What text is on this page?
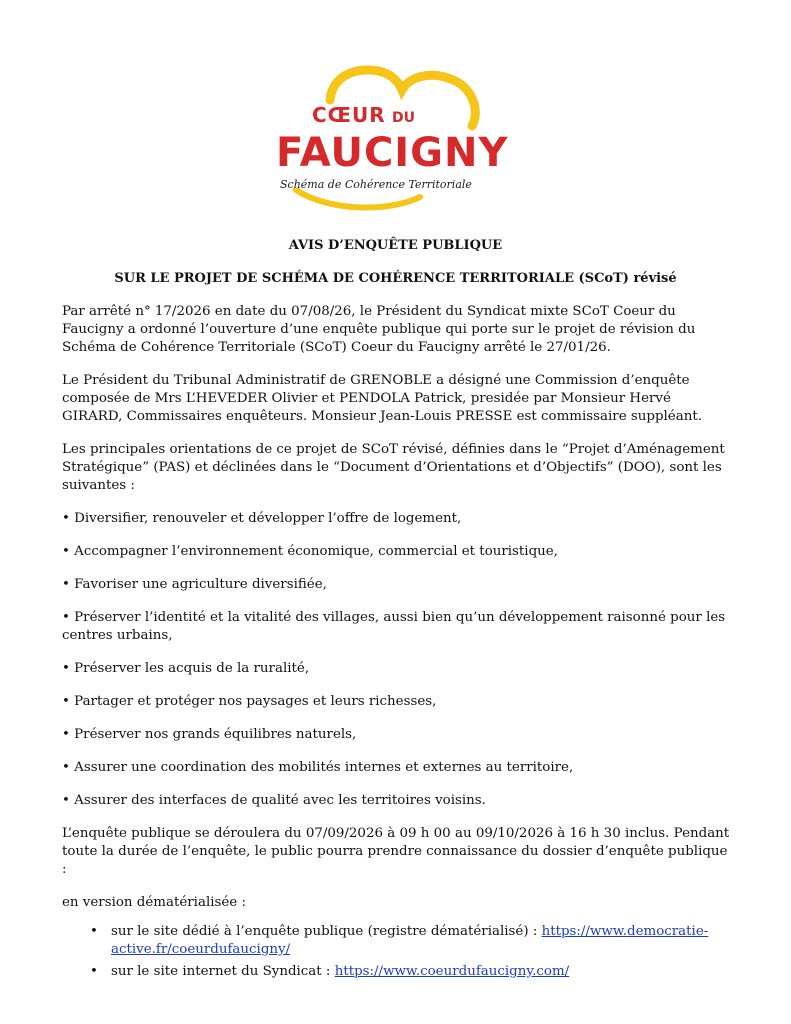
CŒUR DU
FAUCIGNY
Schéma de Cohérence Territoriale
AVIS D’ENQUÊTE PUBLIQUE
SUR LE PROJET DE SCHÉMA DE COHÉRENCE TERRITORIALE (SCoT) révisé

Par arrêté n° 17/2026 en date du 07/08/26, le Président du Syndicat mixte SCoT Coeur du Faucigny a ordonné l’ouverture d’une enquête publique qui porte sur le projet de révision du Schéma de Cohérence Territoriale (SCoT) Coeur du Faucigny arrêté le 27/01/26.

Le Président du Tribunal Administratif de GRENOBLE a désigné une Commission d’enquête composée de Mrs L’HEVEDER Olivier et PENDOLA Patrick, presidée par Monsieur Hervé GIRARD, Commissaires enquêteurs. Monsieur Jean-Louis PRESSE est commissaire suppléant.

Les principales orientations de ce projet de SCoT révisé, définies dans le “Projet d’Aménagement Stratégique” (PAS) et déclinées dans le “Document d’Orientations et d’Objectifs” (DOO), sont les suivantes :

• Diversifier, renouveler et développer l’offre de logement,

• Accompagner l’environnement économique, commercial et touristique,

• Favoriser une agriculture diversifiée,

• Préserver l’identité et la vitalité des villages, aussi bien qu’un développement raisonné pour les centres urbains,

• Préserver les acquis de la ruralité,

• Partager et protéger nos paysages et leurs richesses,

• Préserver nos grands équilibres naturels,

• Assurer une coordination des mobilités internes et externes au territoire,

• Assurer des interfaces de qualité avec les territoires voisins.

L’enquête publique se déroulera du 07/09/2026 à 09 h 00 au 09/10/2026 à 16 h 30 inclus. Pendant toute la durée de l’enquête, le public pourra prendre connaissance du dossier d’enquête publique :

en version dématérialisée :

• sur le site dédié à l’enquête publique (registre dématérialisé) : https://www.democratie-active.fr/coeurdufaucigny/
• sur le site internet du Syndicat : https://www.coeurdufaucigny.com/
